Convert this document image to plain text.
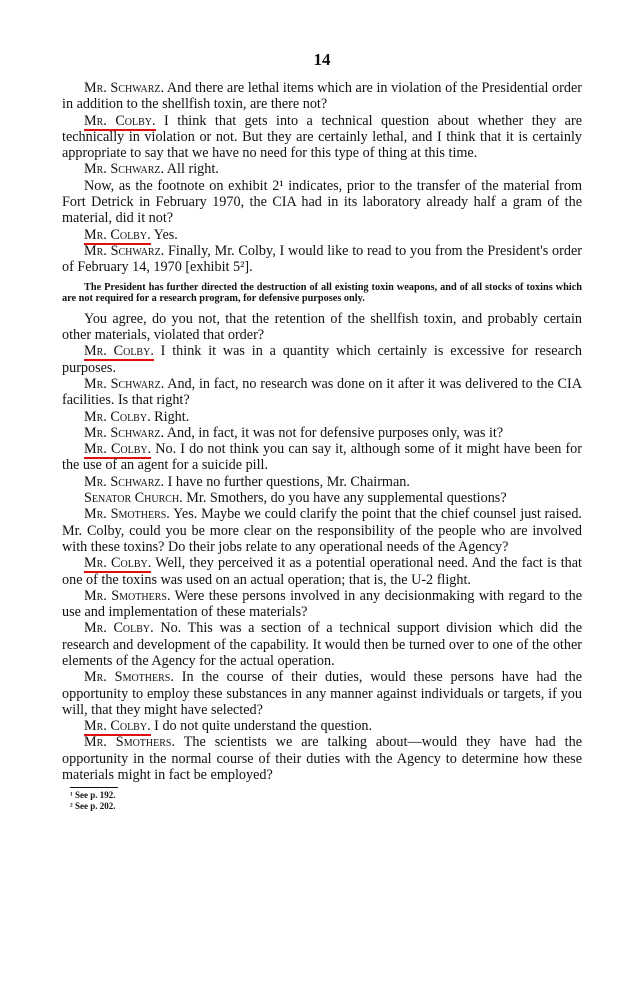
14

Mr. Schwarz. And there are lethal items which are in violation of the Presidential order in addition to the shellfish toxin, are there not?

Mr. Colby. I think that gets into a technical question about whether they are technically in violation or not. But they are certainly lethal, and I think that it is certainly appropriate to say that we have no need for this type of thing at this time.

Mr. Schwarz. All right.

Now, as the footnote on exhibit 2¹ indicates, prior to the transfer of the material from Fort Detrick in February 1970, the CIA had in its laboratory already half a gram of the material, did it not?

Mr. Colby. Yes.

Mr. Schwarz. Finally, Mr. Colby, I would like to read to you from the President's order of February 14, 1970 [exhibit 5²].

The President has further directed the destruction of all existing toxin weapons, and of all stocks of toxins which are not required for a research program, for defensive purposes only.

You agree, do you not, that the retention of the shellfish toxin, and probably certain other materials, violated that order?

Mr. Colby. I think it was in a quantity which certainly is excessive for research purposes.

Mr. Schwarz. And, in fact, no research was done on it after it was delivered to the CIA facilities. Is that right?

Mr. Colby. Right.

Mr. Schwarz. And, in fact, it was not for defensive purposes only, was it?

Mr. Colby. No. I do not think you can say it, although some of it might have been for the use of an agent for a suicide pill.

Mr. Schwarz. I have no further questions, Mr. Chairman.

Senator Church. Mr. Smothers, do you have any supplemental questions?

Mr. Smothers. Yes. Maybe we could clarify the point that the chief counsel just raised. Mr. Colby, could you be more clear on the responsibility of the people who are involved with these toxins? Do their jobs relate to any operational needs of the Agency?

Mr. Colby. Well, they perceived it as a potential operational need. And the fact is that one of the toxins was used on an actual operation; that is, the U-2 flight.

Mr. Smothers. Were these persons involved in any decisionmaking with regard to the use and implementation of these materials?

Mr. Colby. No. This was a section of a technical support division which did the research and development of the capability. It would then be turned over to one of the other elements of the Agency for the actual operation.

Mr. Smothers. In the course of their duties, would these persons have had the opportunity to employ these substances in any manner against individuals or targets, if you will, that they might have selected?

Mr. Colby. I do not quite understand the question.

Mr. Smothers. The scientists we are talking about—would they have had the opportunity in the normal course of their duties with the Agency to determine how these materials might in fact be employed?

¹ See p. 192.
² See p. 202.
